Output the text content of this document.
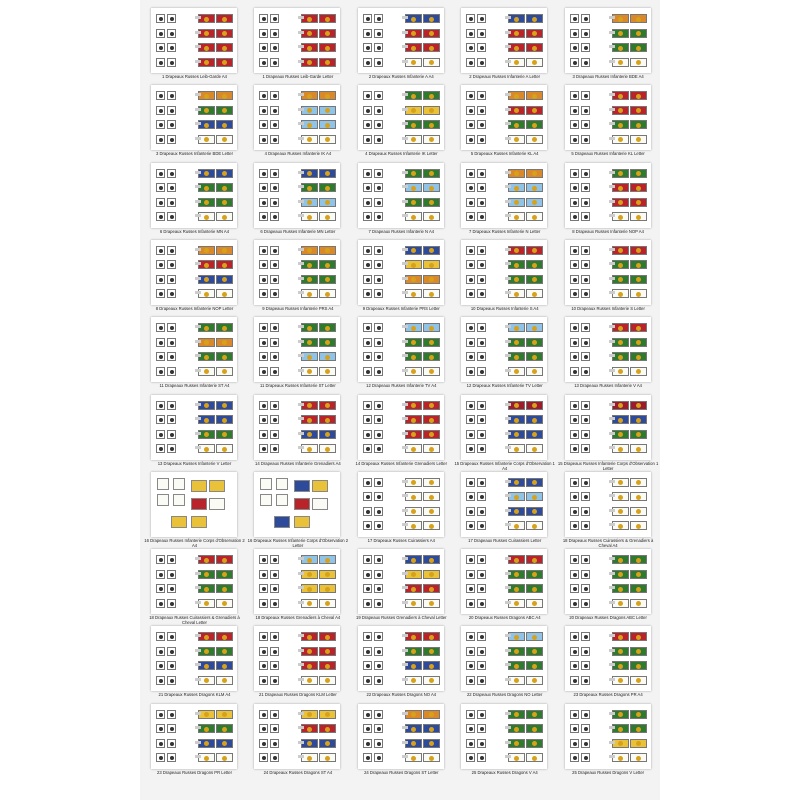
1 Drapeaux Russes Leib-Garde A4	1 Drapeaux Russes Leib-Garde Letter	2 Drapeaux Russes Infanterie A A4	2 Drapeaux Russes Infanterie A Letter	3 Drapeaux Russes Infanterie BDE A4
3 Drapeaux Russes Infanterie BDE Letter	4 Drapeaux Russes Infanterie IK A4	4 Drapeaux Russes Infanterie IK Letter	5 Drapeaux Russes Infanterie KL A4	5 Drapeaux Russes Infanterie KL Letter
6 Drapeaux Russes Infanterie MN A4	6 Drapeaux Russes Infanterie MN Letter	7 Drapeaux Russes Infanterie N A4	7 Drapeaux Russes Infanterie N Letter	8 Drapeaux Russes Infanterie NOP A4
8 Drapeaux Russes Infanterie NOP Letter	9 Drapeaux Russes Infanterie PRS A4	9 Drapeaux Russes Infanterie PRS Letter	10 Drapeaux Russes Infanterie S A4	10 Drapeaux Russes Infanterie S Letter
11 Drapeaux Russes Infanterie ST A4	11 Drapeaux Russes Infanterie ST Letter	12 Drapeaux Russes Infanterie TV A4	12 Drapeaux Russes Infanterie TV Letter	13 Drapeaux Russes Infanterie V A4
13 Drapeaux Russes Infanterie V Letter	14 Drapeaux Russes Infanterie Grenadiers A4	14 Drapeaux Russes Infanterie Grenadiers Letter	15 Drapeaux Russes Infanterie Corps d'Observation 1 A4
15 Drapeaux Russes Infanterie Corps d'Observation 1 Letter
16 Drapeaux Russes Infanterie Corps d'Observation 2 A4
16 Drapeaux Russes Infanterie Corps d'Observation 2 Letter
17 Drapeaux Russes Cuirassiers A4	17 Drapeaux Russes Cuirassiers Letter	18 Drapeaux Russes Cuirassiers & Grenadiers à Cheval A4
18 Drapeaux Russes Cuirassiers & Grenadiers à Cheval Letter
18 Drapeaux Russes Grenadiers à Cheval A4	19 Drapeaux Russes Grenadiers à Cheval Letter	20 Drapeaux Russes Dragons ABC A4	20 Drapeaux Russes Dragons ABC Letter
21 Drapeaux Russes Dragons KLM A4	21 Drapeaux Russes Dragons KLM Letter	22 Drapeaux Russes Dragons NO A4	22 Drapeaux Russes Dragons NO Letter	23 Drapeaux Russes Dragons PR A4
23 Drapeaux Russes Dragons PR Letter	24 Drapeaux Russes Dragons ST A4	24 Drapeaux Russes Dragons ST Letter	25 Drapeaux Russes Dragons V A4	25 Drapeaux Russes Dragons V Letter
